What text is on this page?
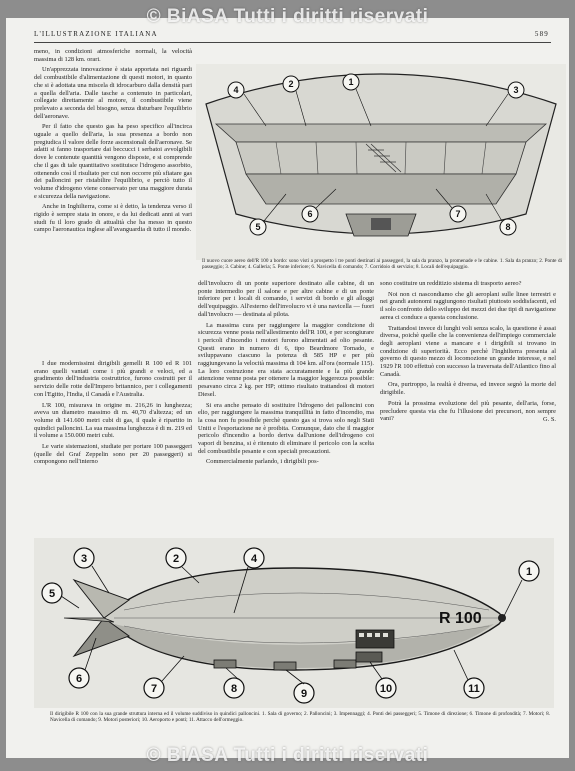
L'ILLUSTRAZIONE ITALIANA	589

meno, in condizioni atmosferiche normali, la velocità massima di 128 km. orari.

Un'apprezzata innovazione è stata apportata nei riguardi del combustibile d'alimentazione di questi motori, in quanto che si è adottata una miscela di idrocarburo dalla densità pari a quella dell'aria. Dalle tasche a contenuto in particolari, collegate direttamente al motore, il combustibile viene prelevato a seconda del bisogno, senza disturbare l'equilibrio dell'aeronave.

Per il fatto che questo gas ha peso specifico all'incirca uguale a quello dell'aria, la sua presenza a bordo non pregiudica il valore delle forze ascensionali dell'aeronave. Se adatti si fanno trasportare dai beccucci i serbatoi avvolgibili dove le contenute quantità vengono disposte, e si comprende che il gas di tale quantitativo sostituisce l'idrogeno assorbito, ottenendo così il risultato per cui non occorre più sfiatare gas dei palloncini per ristabilire l'equilibrio, e perciò tutto il volume d'idrogeno viene conservato per una maggiore durata e sicurezza della navigazione.

Anche in Inghilterra, come si è detto, la tendenza verso il rigido è sempre stata in onore, e da lui dedicati anni ai vari studi fu il loro grado di attualità che ha messo in questo campo l'aeronautica inglese all'avanguardia di tutto il mondo.

I due modernissimi dirigibili gemelli R 100 ed R 101 erano quelli vantati come i più grandi e veloci, ed a gradimento dell'industria costruttrice, furono costruiti per il servizio delle rotte dell'Impero britannico, per i collegamenti con l'Egitto, l'India, il Canadà e l'Australia.

L'R 100, misurava in origine m. 216,26 in lunghezza; aveva un diametro massimo di m. 40,70 d'altezza; ed un volume di 141.600 metri cubi di gas, il quale è ripartito in quindici palloncini. La sua massima lunghezza è di m. 219 ed il volume a 150.000 metri cubi.

Le varie sistemazioni, studiate per portare 100 passeggeri (quelle del Graf Zeppelin sono per 20 passeggeri) si compongono nell'interno

dell'involucro di un ponte superiore destinato alle cabine, di un ponte intermedio per il salone e per altre cabine e di un ponte inferiore per i locali di comando, i servizi di bordo e gli alloggi dell'equipaggio. All'esterno dell'involucro vi è una navicella — fuori dall'involucro — destinata al pilota.

La massima cura per raggiungere la maggior condizione di sicurezza venne posta nell'allestimento dell'R 100, e per scongiurare i pericoli d'incendio i motori furono alimentati ad olio pesante. Questi erano in numero di 6, tipo Beardmore Tornado, e sviluppavano ciascuno la potenza di 585 HP e per più raggiungevano la velocità massima di 104 km. all'ora (normale 115). La loro costruzione era stata accuratamente e la più grande attenzione venne posta per ottenere la maggior leggerezza possibile: pesavano circa 2 kg. per HP; ottimo risultato trattandosi di motori Diesel.

Si era anche pensato di sostituire l'idrogeno dei palloncini con elio, per raggiungere la massima tranquillità in fatto d'incendio, ma la cosa non fu possibile perchè questo gas si trova solo negli Stati Uniti e l'esportazione ne è proibita. Comunque, dato che il maggior pericolo d'incendio a bordo deriva dall'unione dell'idrogeno coi vapori di benzina, si è ritenuto di eliminare il pericolo con la scelta del combustibile pesante e con speciali precauzioni.

Commercialmente parlando, i dirigibili pos-

sono costituire un redditizio sistema di trasporto aereo?

Noi non ci nascondiamo che gli aeroplani sulle linee terrestri e nei grandi autonomi raggiungono risultati piuttosto soddisfacenti, ed il solo confronto dello sviluppo dei mezzi dei due tipi di navigazione aerea ci conduce a questa conclusione.

Trattandosi invece di lunghi voli senza scalo, la questione è assai diversa, poichè quelle che la convenienza dell'impiego commerciale degli aeroplani viene a mancare e i dirigibili si trovano in condizione di superiorità. Ecco perchè l'Inghilterra presenta al governo di questo mezzo di locomozione un grande interesse, e nel 1929 l'R 100 effettuò con successo la traversata dell'Atlantico fino al Canadà.

Ora, purtroppo, la realtà è diversa, ed invece segnò la morte del dirigibile.

Potrà la prossima evoluzione del più pesante, dell'aria, forse, precludere questa via che fu l'illusione dei precursori, non sempre vani?	G. S.
1
2
3
4
5
6	7
8
Il nuovo cuore aereo dell'R 100 a bordo: sono visti a prospetto i tre ponti destinati ai passeggeri, la sala da pranzo, la promenade e le cabine. 1. Sala da pranzo; 2. Ponte di passeggio; 3. Cabine; 4. Galleria; 5. Ponte inferiore; 6. Navicella di comando; 7. Corridoio di servizio; 8. Locali dell'equipaggio.
R 100
1
2
3	4
5
6
7	8	9	10	11
Il dirigibile R 100 con la sua grande struttura interna ed il volume suddiviso in quindici palloncini. 1. Sala di governo; 2. Palloncini; 3. Impennaggi; 4. Ponti dei passeggeri; 5. Timone di direzione; 6. Timone di profondità; 7. Motori; 8. Navicella di comando; 9. Motori posteriori; 10. Aeroporto e ponti; 11. Attacco dell'ormeggio.
© BiASA Tutti i diritti riservati
© BiASA Tutti i diritti riservati
